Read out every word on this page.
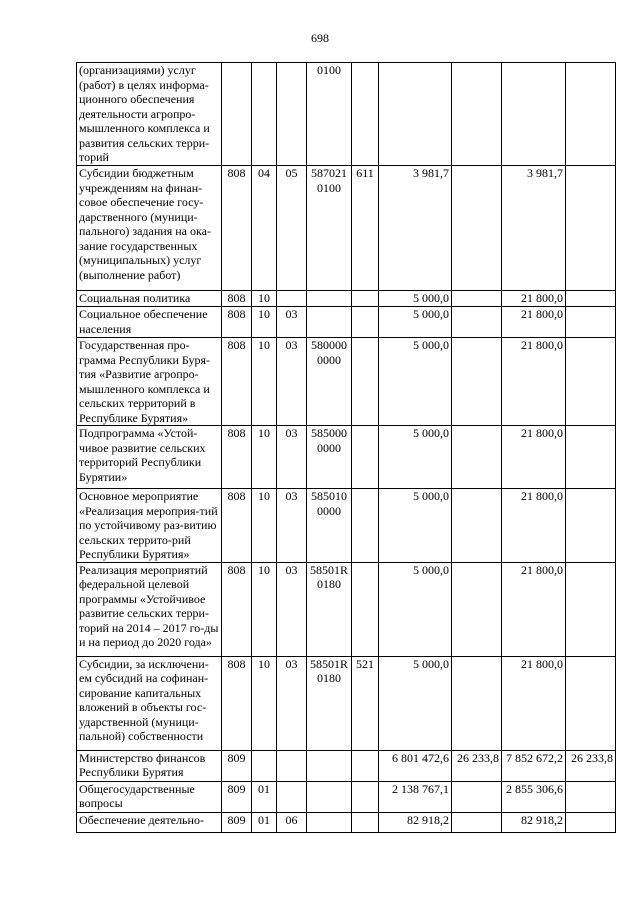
698
(организациями) услуг (работ) в целях информа-ционного обеспечения деятельности агропро-мышленного комплекса и развития сельских терри-торий				0100					
Субсидии бюджетным учреждениям на финан-совое обеспечение госу-дарственного (муници-пального) задания на ока-зание государственных (муниципальных) услуг (выполнение работ)	808	04	05	587021 0100	611	3 981,7		3 981,7	
Социальная политика	808	10				5 000,0		21 800,0	
Социальное обеспечение населения	808	10	03			5 000,0		21 800,0	
Государственная про-грамма Республики Буря-тия «Развитие агропро-мышленного комплекса и сельских территорий в Республике Бурятия»	808	10	03	580000 0000		5 000,0		21 800,0	
Подпрограмма «Устой-чивое развитие сельских территорий Республики Бурятии»	808	10	03	585000 0000		5 000,0		21 800,0	
Основное мероприятие «Реализация мероприя-тий по устойчивому раз-витию сельских террито-рий Республики Бурятия»	808	10	03	585010 0000		5 000,0		21 800,0	
Реализация мероприятий федеральной целевой программы «Устойчивое развитие сельских терри-торий на 2014 – 2017 го-ды и на период до 2020 года»	808	10	03	58501R 0180		5 000,0		21 800,0	
Субсидии, за исключени-ем субсидий на софинан-сирование капитальных вложений в объекты гос-ударственной (муници-пальной) собственности	808	10	03	58501R 0180	521	5 000,0		21 800,0	
Министерство финансов Республики Бурятия	809					6 801 472,6	26 233,8	7 852 672,2	26 233,8
Общегосударственные вопросы	809	01				2 138 767,1		2 855 306,6	
Обеспечение деятельно-	809	01	06			82 918,2		82 918,2	
